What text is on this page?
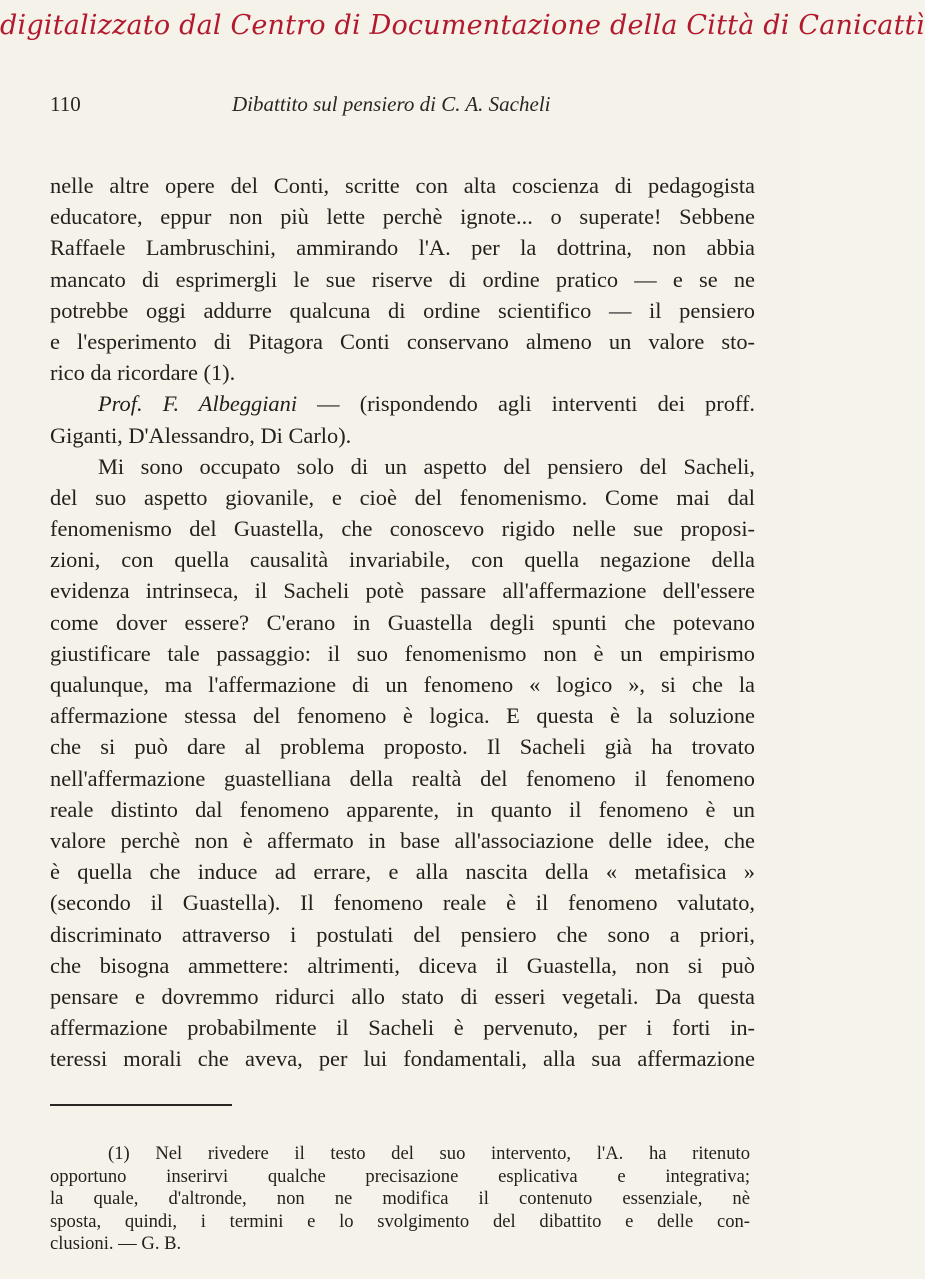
digitalizzato dal Centro di Documentazione della Città di Canicattì
110	Dibattito sul pensiero di C. A. Sacheli
nelle altre opere del Conti, scritte con alta coscienza di pedagogista
educatore, eppur non più lette perchè ignote... o superate! Sebbene
Raffaele Lambruschini, ammirando l'A. per la dottrina, non abbia
mancato di esprimergli le sue riserve di ordine pratico — e se ne
potrebbe oggi addurre qualcuna di ordine scientifico — il pensiero
e l'esperimento di Pitagora Conti conservano almeno un valore sto-
rico da ricordare (1).
Prof. F. Albeggiani — (rispondendo agli interventi dei proff.
Giganti, D'Alessandro, Di Carlo).
Mi sono occupato solo di un aspetto del pensiero del Sacheli,
del suo aspetto giovanile, e cioè del fenomenismo. Come mai dal
fenomenismo del Guastella, che conoscevo rigido nelle sue proposi-
zioni, con quella causalità invariabile, con quella negazione della
evidenza intrinseca, il Sacheli potè passare all'affermazione dell'essere
come dover essere? C'erano in Guastella degli spunti che potevano
giustificare tale passaggio: il suo fenomenismo non è un empirismo
qualunque, ma l'affermazione di un fenomeno « logico », si che la
affermazione stessa del fenomeno è logica. E questa è la soluzione
che si può dare al problema proposto. Il Sacheli già ha trovato
nell'affermazione guastelliana della realtà del fenomeno il fenomeno
reale distinto dal fenomeno apparente, in quanto il fenomeno è un
valore perchè non è affermato in base all'associazione delle idee, che
è quella che induce ad errare, e alla nascita della « metafisica »
(secondo il Guastella). Il fenomeno reale è il fenomeno valutato,
discriminato attraverso i postulati del pensiero che sono a priori,
che bisogna ammettere: altrimenti, diceva il Guastella, non si può
pensare e dovremmo ridurci allo stato di esseri vegetali. Da questa
affermazione probabilmente il Sacheli è pervenuto, per i forti in-
teressi morali che aveva, per lui fondamentali, alla sua affermazione
(1) Nel rivedere il testo del suo intervento, l'A. ha ritenuto
opportuno inserirvi qualche precisazione esplicativa e integrativa;
la quale, d'altronde, non ne modifica il contenuto essenziale, nè
sposta, quindi, i termini e lo svolgimento del dibattito e delle con-
clusioni. — G. B.
